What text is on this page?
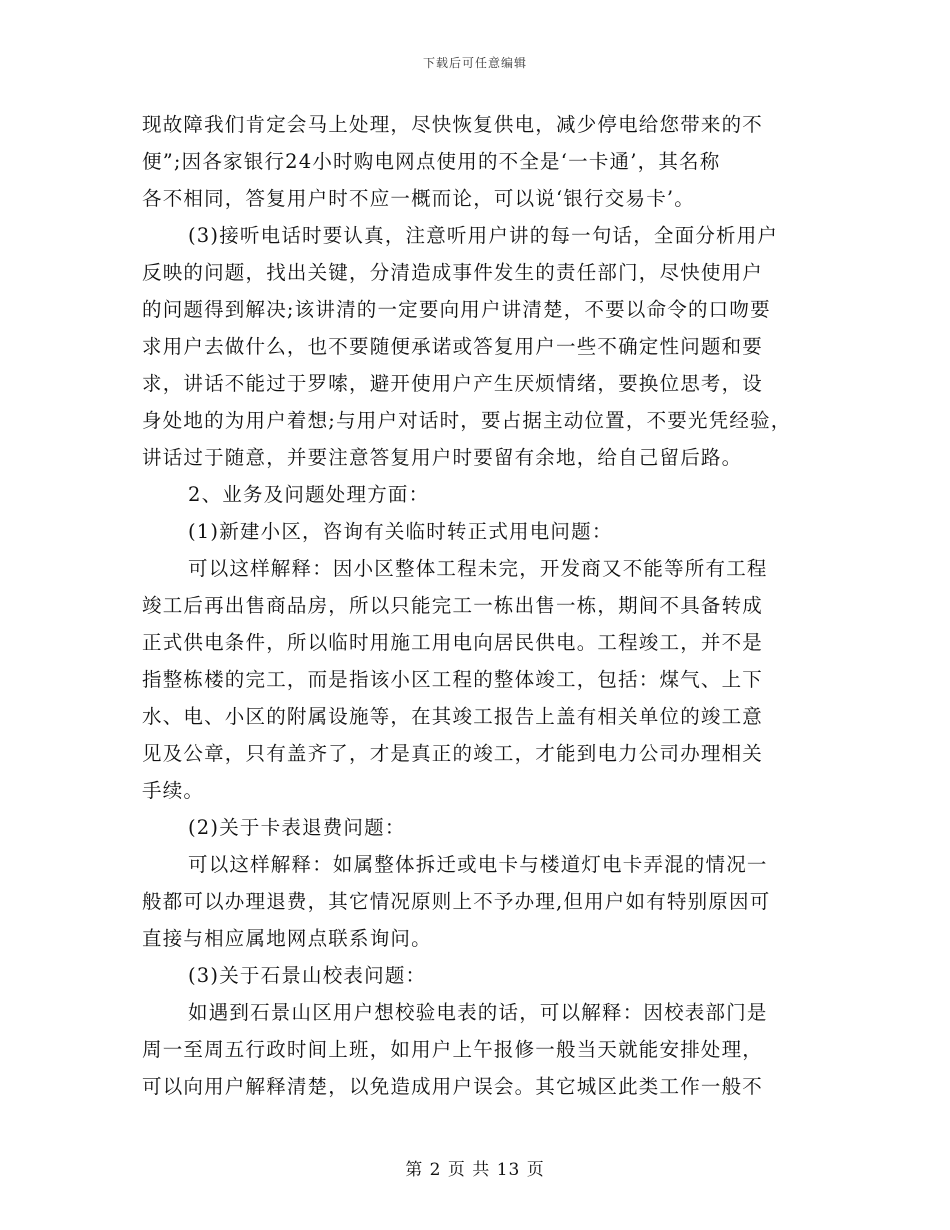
下载后可任意编辑
现故障我们肯定会马上处理，尽快恢复供电，减少停电给您带来的不
便”;因各家银行24小时购电网点使用的不全是‘一卡通’，其名称
各不相同，答复用户时不应一概而论，可以说‘银行交易卡’。
(3)接听电话时要认真，注意听用户讲的每一句话，全面分析用户
反映的问题，找出关键，分清造成事件发生的责任部门，尽快使用户
的问题得到解决;该讲清的一定要向用户讲清楚，不要以命令的口吻要
求用户去做什么，也不要随便承诺或答复用户一些不确定性问题和要
求，讲话不能过于罗嗦，避开使用户产生厌烦情绪，要换位思考，设
身处地的为用户着想;与用户对话时，要占据主动位置，不要光凭经验，
讲话过于随意，并要注意答复用户时要留有余地，给自己留后路。
2、业务及问题处理方面：
(1)新建小区，咨询有关临时转正式用电问题：
可以这样解释：因小区整体工程未完，开发商又不能等所有工程
竣工后再出售商品房，所以只能完工一栋出售一栋，期间不具备转成
正式供电条件，所以临时用施工用电向居民供电。工程竣工，并不是
指整栋楼的完工，而是指该小区工程的整体竣工，包括：煤气、上下
水、电、小区的附属设施等，在其竣工报告上盖有相关单位的竣工意
见及公章，只有盖齐了，才是真正的竣工，才能到电力公司办理相关
手续。
(2)关于卡表退费问题：
可以这样解释：如属整体拆迁或电卡与楼道灯电卡弄混的情况一
般都可以办理退费，其它情况原则上不予办理,但用户如有特别原因可
直接与相应属地网点联系询问。
(3)关于石景山校表问题：
如遇到石景山区用户想校验电表的话，可以解释：因校表部门是
周一至周五行政时间上班，如用户上午报修一般当天就能安排处理，
可以向用户解释清楚，以免造成用户误会。其它城区此类工作一般不
第 2 页 共 13 页
